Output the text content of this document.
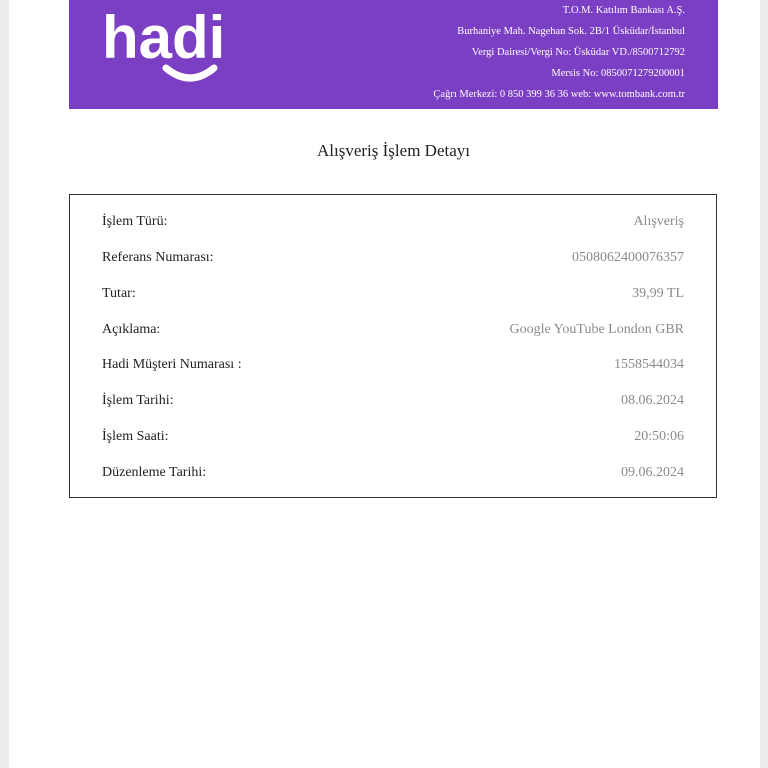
hadi	T.O.M. Katılım Bankası A.Ş.
Burhaniye Mah. Nagehan Sok. 2B/1 Üsküdar/İstanbul
Vergi Dairesi/Vergi No: Üsküdar VD./8500712792
Mersis No: 0850071279200001
Çağrı Merkezi: 0 850 399 36 36 web: www.tombank.com.tr
Alışveriş İşlem Detayı
İşlem Türü:	Alışveriş
Referans Numarası:	0508062400076357
Tutar:	39,99 TL
Açıklama:	Google YouTube London GBR
Hadi Müşteri Numarası :	1558544034
İşlem Tarihi:	08.06.2024
İşlem Saati:	20:50:06
Düzenleme Tarihi:	09.06.2024
